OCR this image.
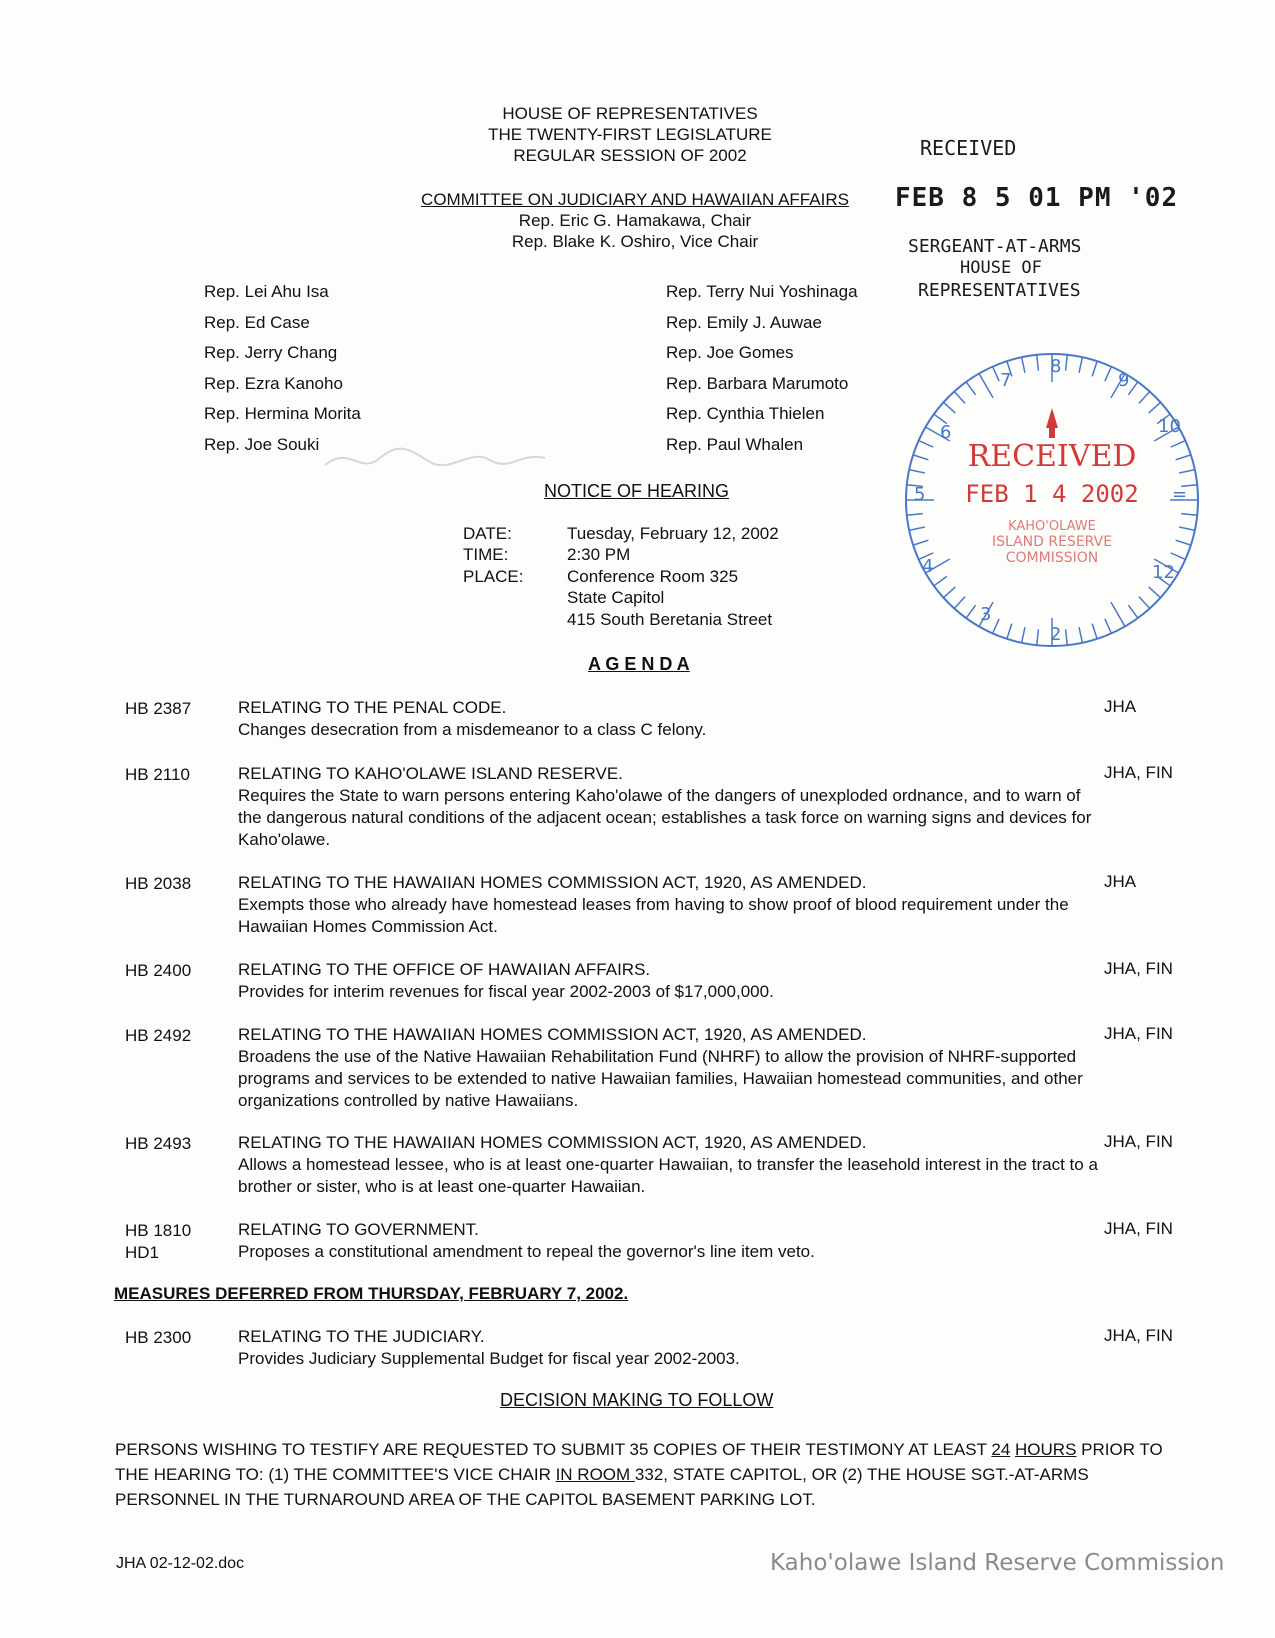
HOUSE OF REPRESENTATIVES
THE TWENTY-FIRST LEGISLATURE
REGULAR SESSION OF 2002
COMMITTEE ON JUDICIARY AND HAWAIIAN AFFAIRS
Rep. Eric G. Hamakawa, Chair
Rep. Blake K. Oshiro, Vice Chair
RECEIVED
FEB 8 5 01 PM '02
SERGEANT-AT-ARMS
HOUSE OF
REPRESENTATIVES
Rep. Lei Ahu Isa
Rep. Ed Case
Rep. Jerry Chang
Rep. Ezra Kanoho
Rep. Hermina Morita
Rep. Joe Souki
Rep. Terry Nui Yoshinaga
Rep. Emily J. Auwae
Rep. Joe Gomes
Rep. Barbara Marumoto
Rep. Cynthia Thielen
Rep. Paul Whalen
7
8
9
10
6
5
4
3
2
12
=
RECEIVED
FEB 1 4 2002
KAHO'OLAWE
ISLAND RESERVE
COMMISSION
NOTICE OF HEARING
DATE:	Tuesday, February 12, 2002
TIME:	2:30 PM
PLACE:	Conference Room 325
State Capitol
415 South Beretania Street
A G E N D A
HB 2387	RELATING TO THE PENAL CODE.
Changes desecration from a misdemeanor to a class C felony.
JHA
HB 2110	RELATING TO KAHO'OLAWE ISLAND RESERVE.
Requires the State to warn persons entering Kaho'olawe of the dangers of unexploded ordnance, and to warn of the dangerous natural conditions of the adjacent ocean; establishes a task force on warning signs and devices for Kaho'olawe.
JHA, FIN
HB 2038	RELATING TO THE HAWAIIAN HOMES COMMISSION ACT, 1920, AS AMENDED.
Exempts those who already have homestead leases from having to show proof of blood requirement under the Hawaiian Homes Commission Act.
JHA
HB 2400	RELATING TO THE OFFICE OF HAWAIIAN AFFAIRS.
Provides for interim revenues for fiscal year 2002-2003 of $17,000,000.
JHA, FIN
HB 2492	RELATING TO THE HAWAIIAN HOMES COMMISSION ACT, 1920, AS AMENDED.
Broadens the use of the Native Hawaiian Rehabilitation Fund (NHRF) to allow the provision of NHRF-supported programs and services to be extended to native Hawaiian families, Hawaiian homestead communities, and other organizations controlled by native Hawaiians.
JHA, FIN
HB 2493	RELATING TO THE HAWAIIAN HOMES COMMISSION ACT, 1920, AS AMENDED.
Allows a homestead lessee, who is at least one-quarter Hawaiian, to transfer the leasehold interest in the tract to a brother or sister, who is at least one-quarter Hawaiian.
JHA, FIN
HB 1810
HD1
RELATING TO GOVERNMENT.
Proposes a constitutional amendment to repeal the governor's line item veto.
JHA, FIN
MEASURES DEFERRED FROM THURSDAY, FEBRUARY 7, 2002.
HB 2300	RELATING TO THE JUDICIARY.
Provides Judiciary Supplemental Budget for fiscal year 2002-2003.
JHA, FIN
DECISION MAKING TO FOLLOW
PERSONS WISHING TO TESTIFY ARE REQUESTED TO SUBMIT 35 COPIES OF THEIR TESTIMONY AT LEAST 24 HOURS PRIOR TO THE HEARING TO: (1) THE COMMITTEE'S VICE CHAIR IN ROOM 332, STATE CAPITOL, OR (2) THE HOUSE SGT.-AT-ARMS PERSONNEL IN THE TURNAROUND AREA OF THE CAPITOL BASEMENT PARKING LOT.
JHA 02-12-02.doc	Kaho'olawe Island Reserve Commission
